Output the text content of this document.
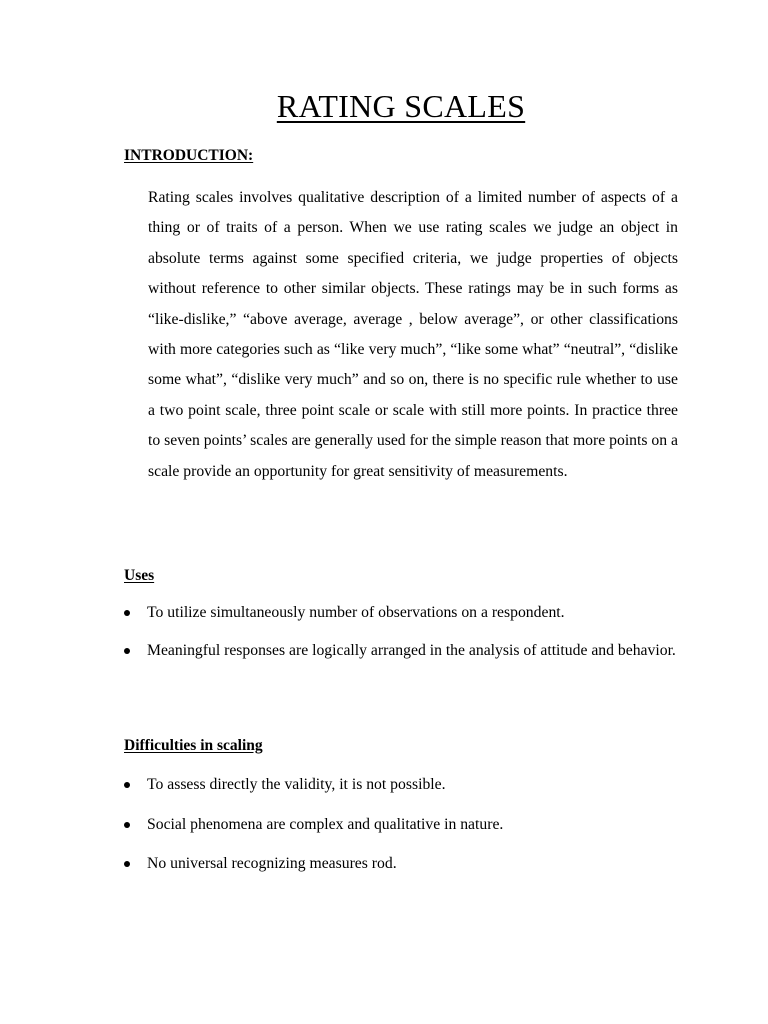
RATING SCALES
INTRODUCTION:

Rating scales involves qualitative description of a limited number of aspects of a thing or of traits of a person. When we use rating scales we judge an object in absolute terms against some specified criteria, we judge properties of objects without reference to other similar objects. These ratings may be in such forms as “like-dislike,” “above average, average , below average”, or other classifications with more categories such as “like very much”, “like some what” “neutral”, “dislike some what”, “dislike very much” and so on, there is no specific rule whether to use a two point scale, three point scale or scale with still more points. In practice three to seven points’ scales are generally used for the simple reason that more points on a scale provide an opportunity for great sensitivity of measurements.

Uses
To utilize simultaneously number of observations on a respondent.
Meaningful responses are logically arranged in the analysis of attitude and behavior.
Difficulties in scaling
To assess directly the validity, it is not possible.
Social phenomena are complex and qualitative in nature.
No universal recognizing measures rod.
